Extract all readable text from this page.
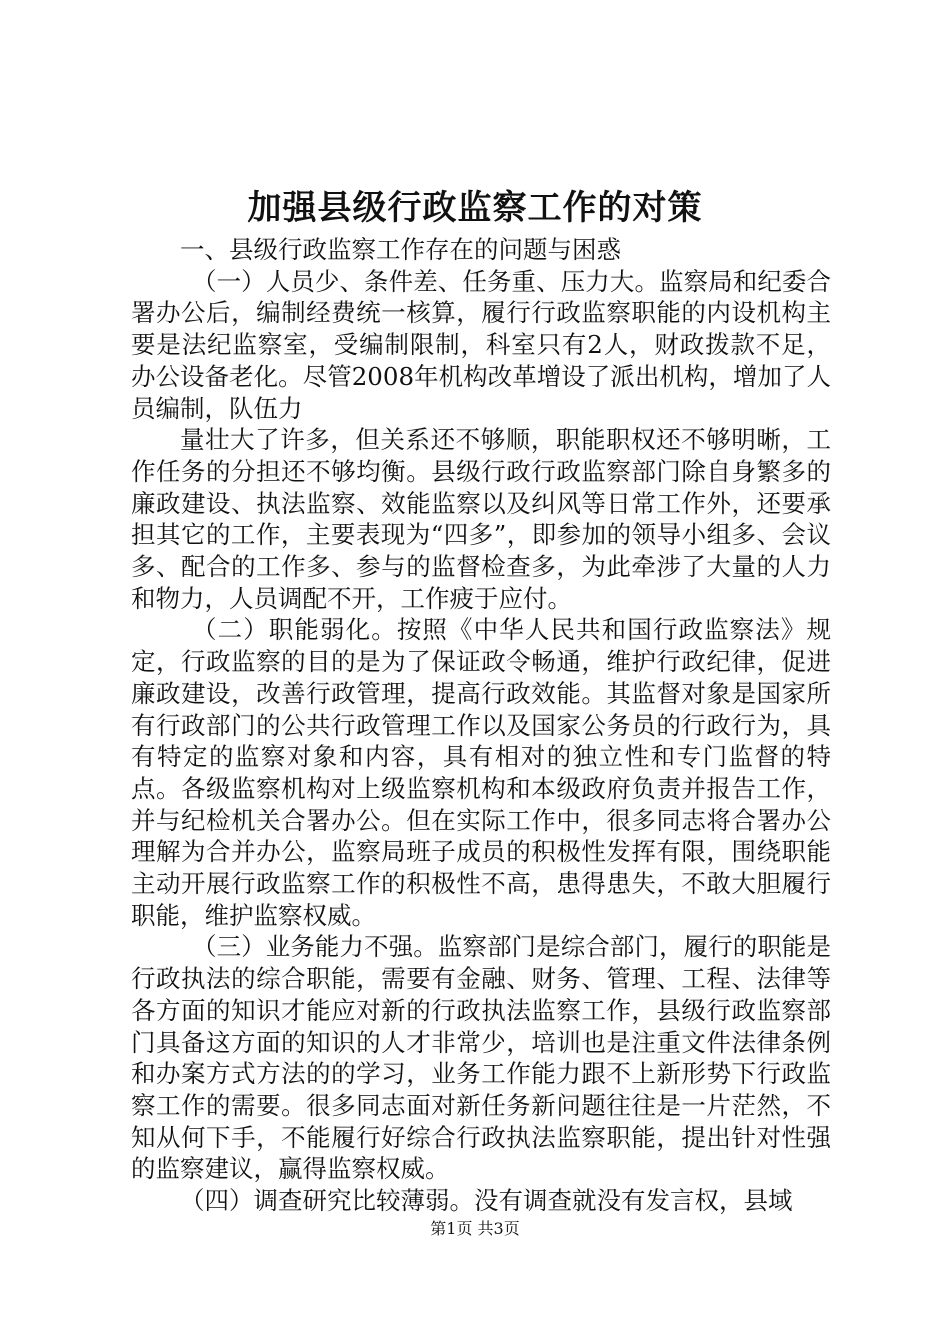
加强县级行政监察工作的对策

一、县级行政监察工作存在的问题与困惑

（一）人员少、条件差、任务重、压力大。监察局和纪委合署办公后，编制经费统一核算，履行行政监察职能的内设机构主要是法纪监察室，受编制限制，科室只有2人，财政拨款不足，办公设备老化。尽管2008年机构改革增设了派出机构，增加了人员编制，队伍力

量壮大了许多，但关系还不够顺，职能职权还不够明晰，工作任务的分担还不够均衡。县级行政行政监察部门除自身繁多的廉政建设、执法监察、效能监察以及纠风等日常工作外，还要承担其它的工作，主要表现为“四多”，即参加的领导小组多、会议多、配合的工作多、参与的监督检查多，为此牵涉了大量的人力和物力，人员调配不开，工作疲于应付。

（二）职能弱化。按照《中华人民共和国行政监察法》规定，行政监察的目的是为了保证政令畅通，维护行政纪律，促进廉政建设，改善行政管理，提高行政效能。其监督对象是国家所有行政部门的公共行政管理工作以及国家公务员的行政行为，具有特定的监察对象和内容，具有相对的独立性和专门监督的特点。各级监察机构对上级监察机构和本级政府负责并报告工作，并与纪检机关合署办公。但在实际工作中，很多同志将合署办公理解为合并办公，监察局班子成员的积极性发挥有限，围绕职能主动开展行政监察工作的积极性不高，患得患失，不敢大胆履行职能，维护监察权威。

（三）业务能力不强。监察部门是综合部门，履行的职能是行政执法的综合职能，需要有金融、财务、管理、工程、法律等各方面的知识才能应对新的行政执法监察工作，县级行政监察部门具备这方面的知识的人才非常少，培训也是注重文件法律条例和办案方式方法的的学习，业务工作能力跟不上新形势下行政监察工作的需要。很多同志面对新任务新问题往往是一片茫然，不知从何下手，不能履行好综合行政执法监察职能，提出针对性强的监察建议，赢得监察权威。

（四）调查研究比较薄弱。没有调查就没有发言权，县域

第1页 共3页
